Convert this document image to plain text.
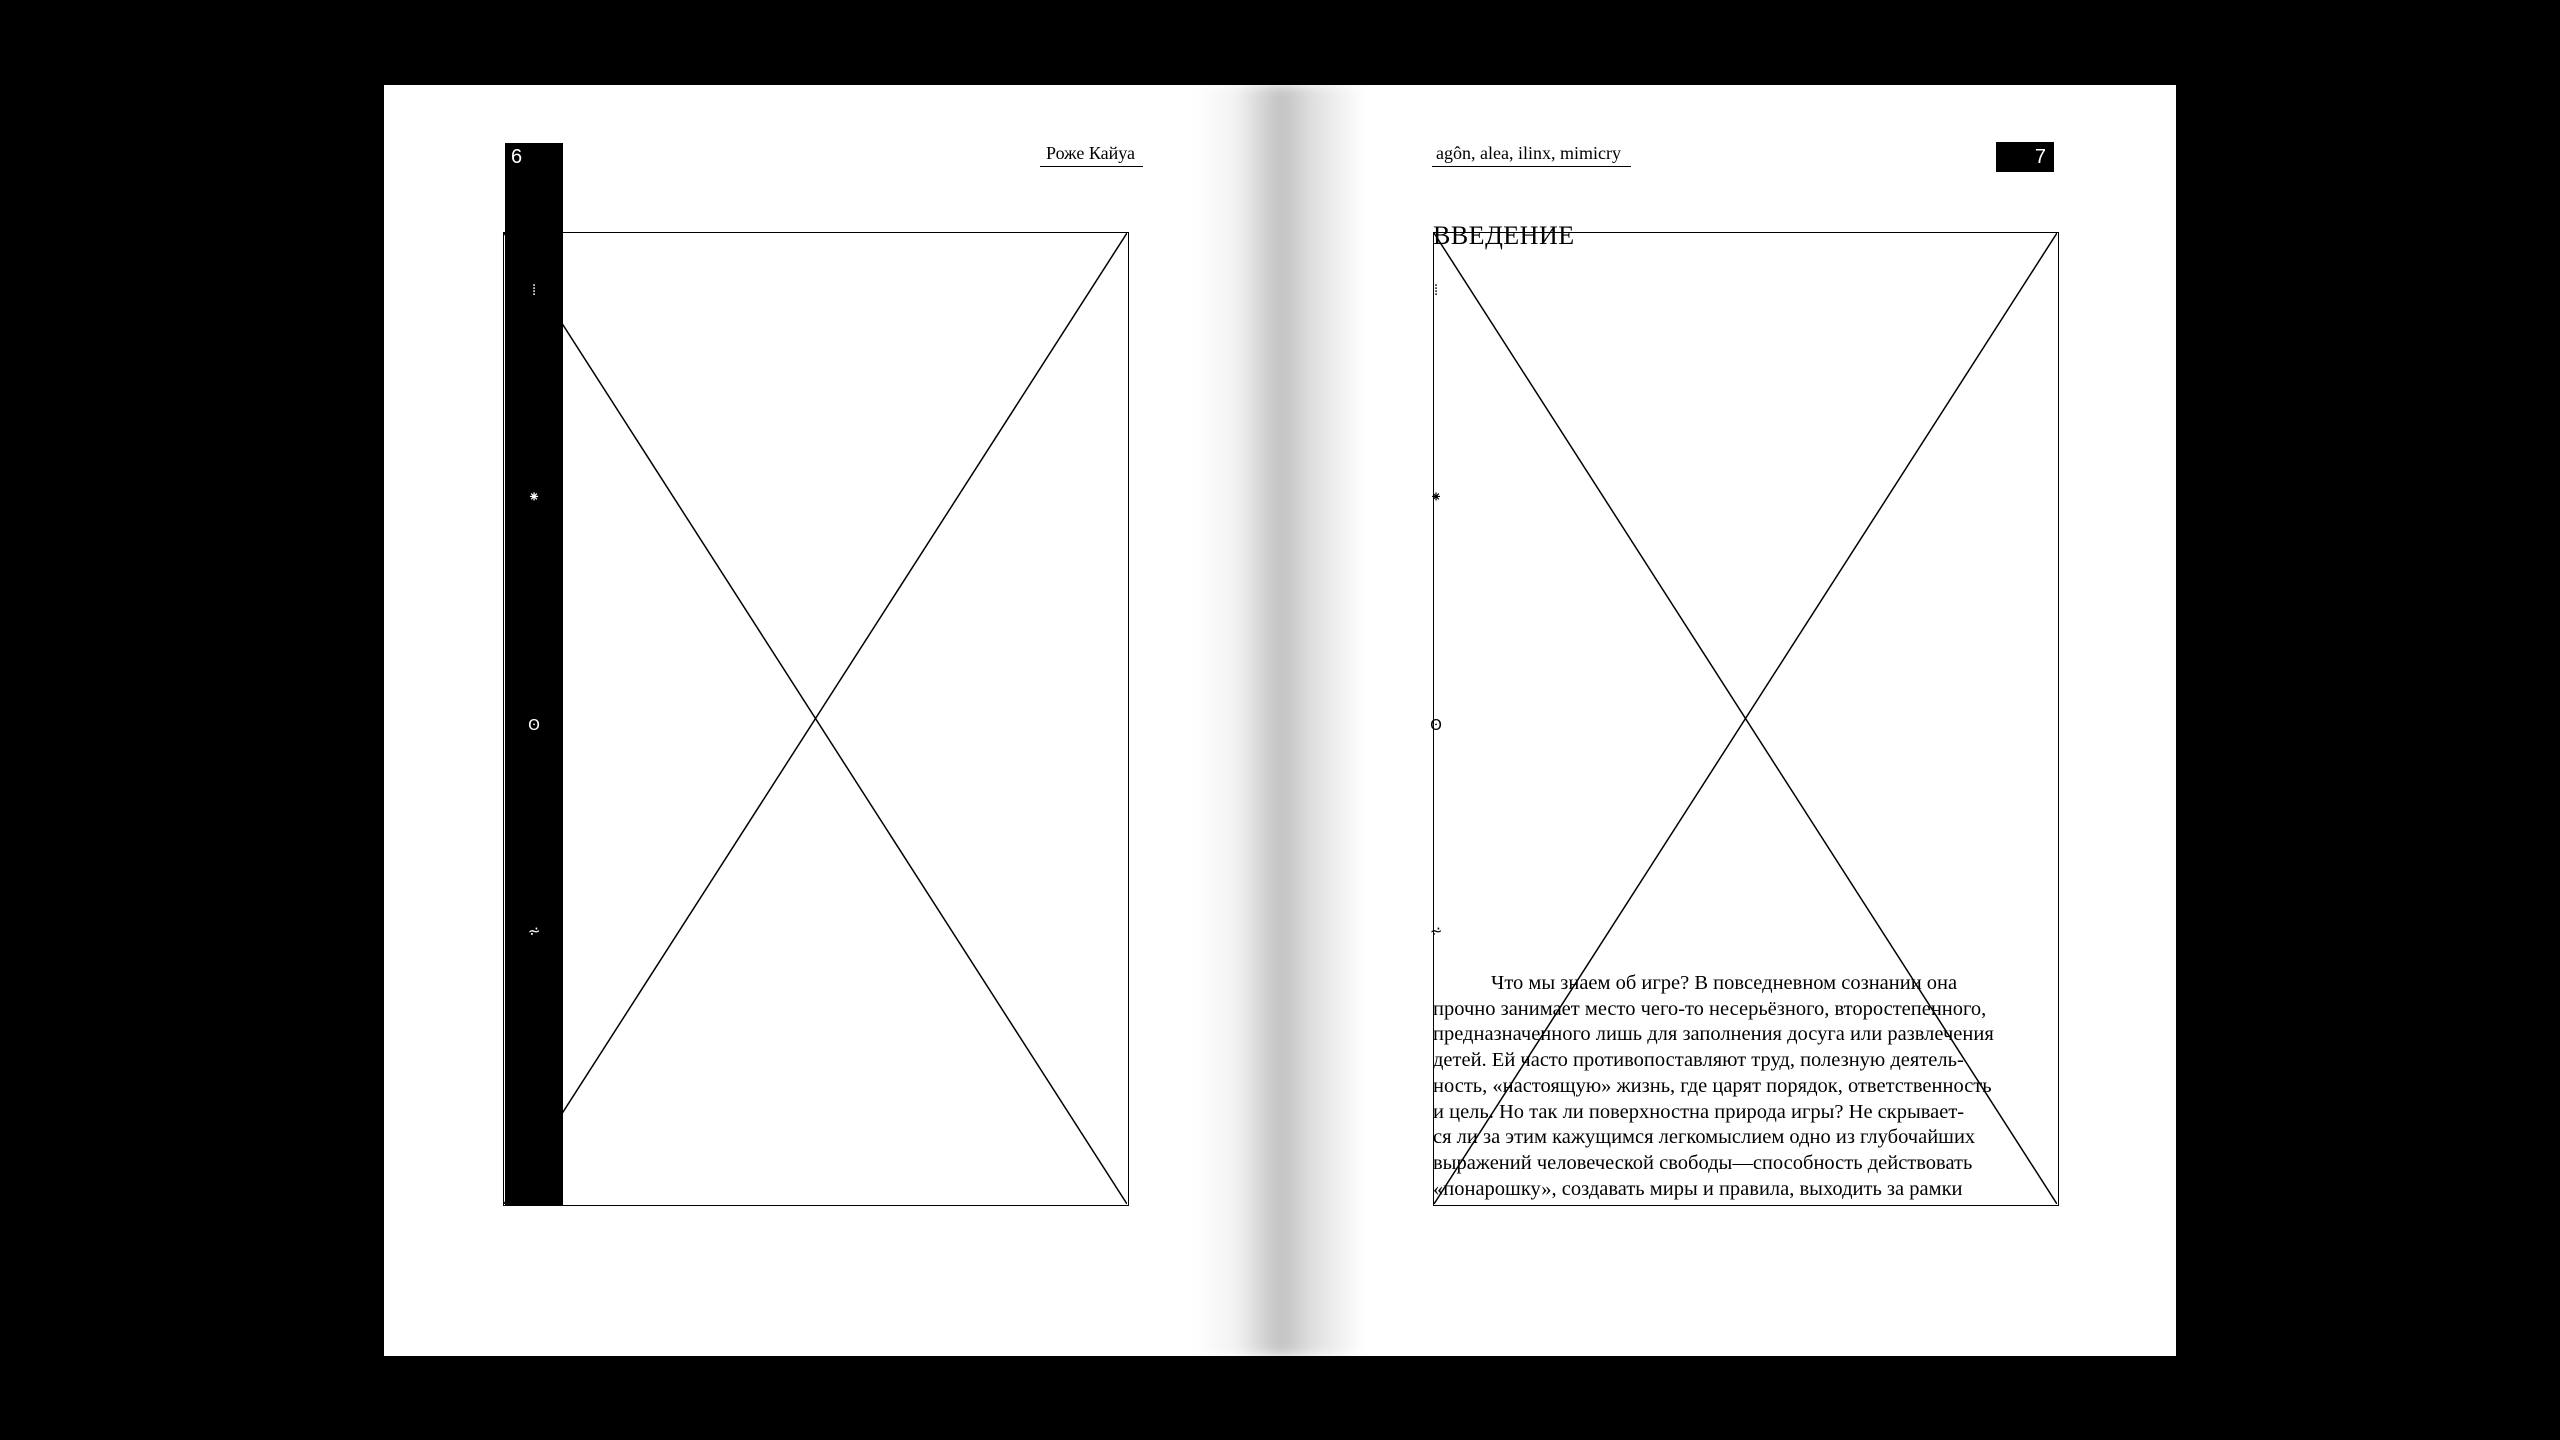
6	Роже Кайуа
⦙
⁕
ʘ
⩫
agôn, alea, ilinx, mimicry	7
ВВЕДЕНИЕ
⦙
⁕
ʘ
⩫
Что мы знаем об игре? В повседневном сознании она
прочно занимает место чего-то несерьёзного, второстепенного,
предназначенного лишь для заполнения досуга или развлечения
детей. Ей часто противопоставляют труд, полезную деятель-
ность, «настоящую» жизнь, где царят порядок, ответственность
и цель. Но так ли поверхностна природа игры? Не скрывает-
ся ли за этим кажущимся легкомыслием одно из глубочайших
выражений человеческой свободы—способность действовать
«понарошку», создавать миры и правила, выходить за рамки
